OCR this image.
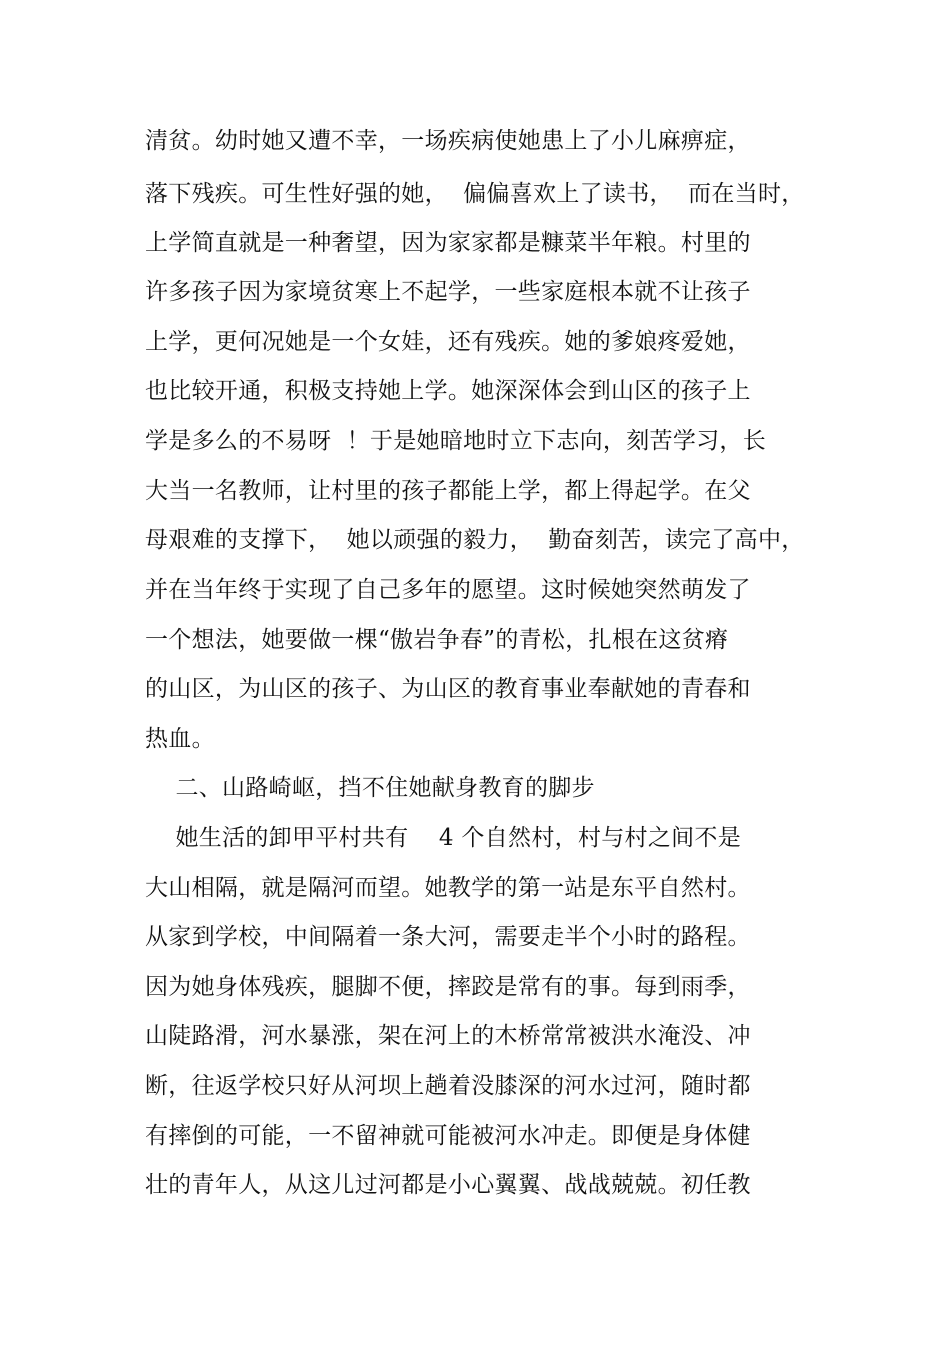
清贫。幼时她又遭不幸，一场疾病使她患上了小儿麻痹症，
落下残疾。可生性好强的她，  偏偏喜欢上了读书，  而在当时，
上学简直就是一种奢望，因为家家都是糠菜半年粮。村里的
许多孩子因为家境贫寒上不起学，一些家庭根本就不让孩子
上学，更何况她是一个女娃，还有残疾。她的爹娘疼爱她，
也比较开通，积极支持她上学。她深深体会到山区的孩子上
学是多么的不易呀  ！于是她暗地时立下志向，刻苦学习，长
大当一名教师，让村里的孩子都能上学，都上得起学。在父
母艰难的支撑下，  她以顽强的毅力，  勤奋刻苦，读完了高中，
并在当年终于实现了自己多年的愿望。这时候她突然萌发了
一个想法，她要做一棵“傲岩争春”的青松，扎根在这贫瘠
的山区，为山区的孩子、为山区的教育事业奉献她的青春和
热血。
二、山路崎岖，挡不住她献身教育的脚步
她生活的卸甲平村共有    4 个自然村，村与村之间不是
大山相隔，就是隔河而望。她教学的第一站是东平自然村。
从家到学校，中间隔着一条大河，需要走半个小时的路程。
因为她身体残疾，腿脚不便，摔跤是常有的事。每到雨季，
山陡路滑，河水暴涨，架在河上的木桥常常被洪水淹没、冲
断，往返学校只好从河坝上趟着没膝深的河水过河，随时都
有摔倒的可能，一不留神就可能被河水冲走。即便是身体健
壮的青年人，从这儿过河都是小心翼翼、战战兢兢。初任教
